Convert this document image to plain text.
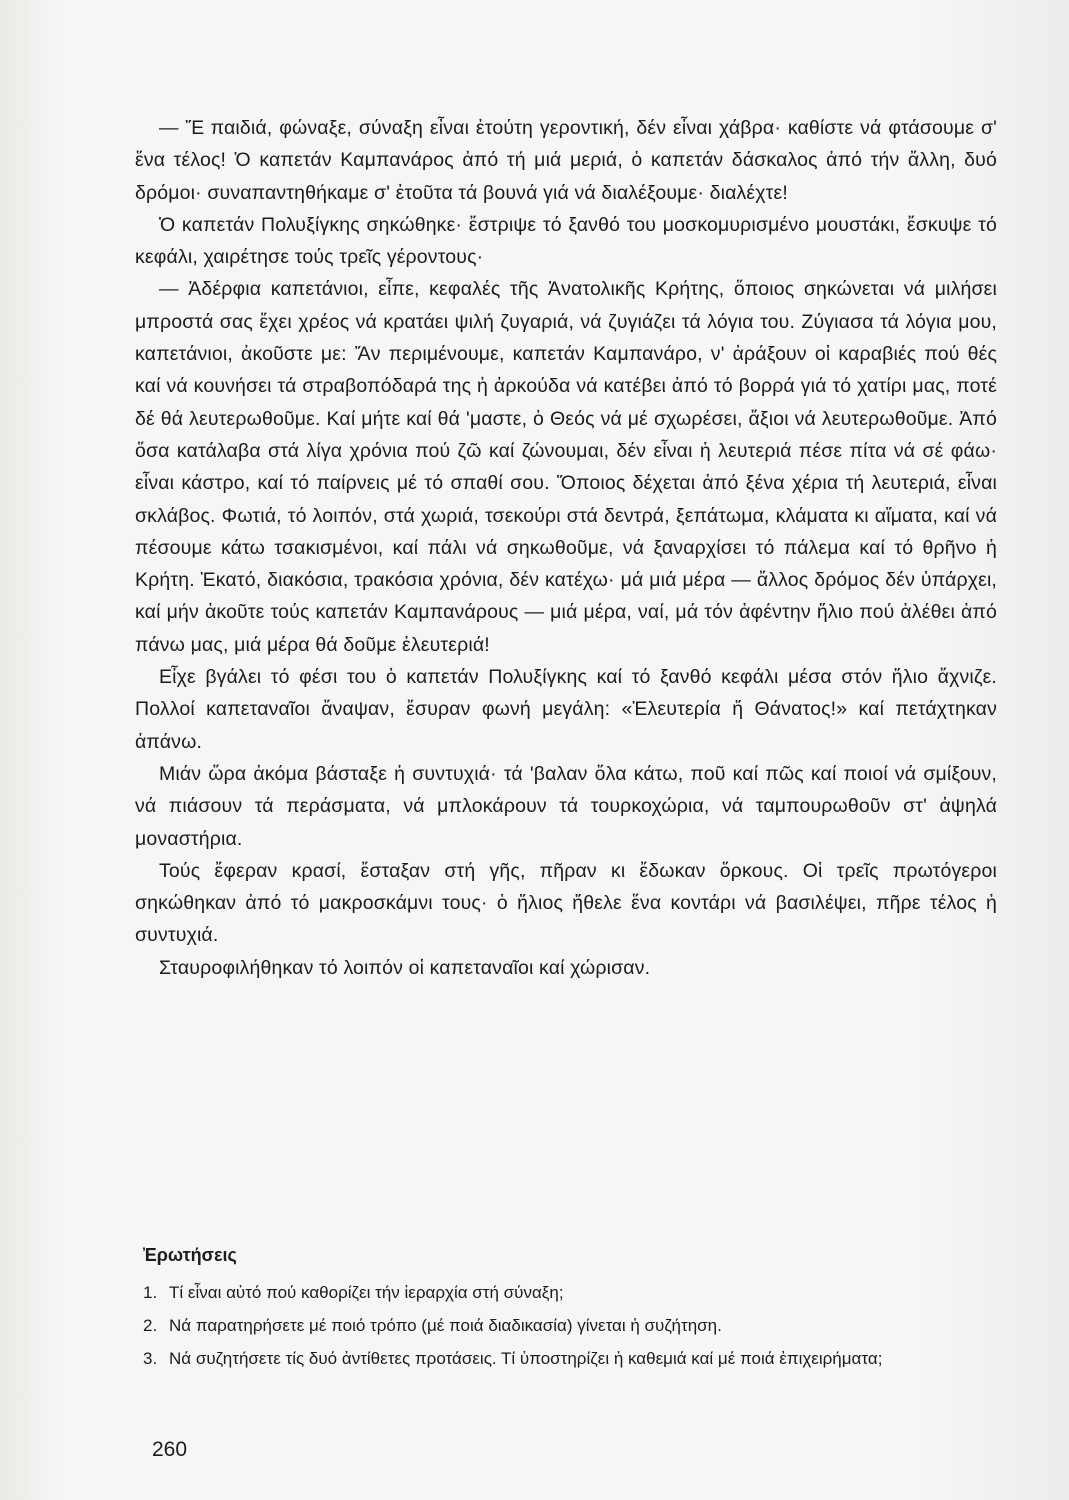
— Ἔ παιδιά, φώναξε, σύναξη εἶναι ἐτούτη γεροντική, δέν εἶναι χάβρα· καθίστε νά φτάσουμε σ' ἕνα τέλος! Ὁ καπετάν Καμπανάρος ἀπό τή μιά μεριά, ὁ καπετάν δάσκαλος ἀπό τήν ἄλλη, δυό δρόμοι· συναπαντηθήκαμε σ' ἐτοῦτα τά βουνά γιά νά διαλέξουμε· διαλέχτε!

Ὁ καπετάν Πολυξίγκης σηκώθηκε· ἔστριψε τό ξανθό του μοσκομυρισμένο μουστάκι, ἔσκυψε τό κεφάλι, χαιρέτησε τούς τρεῖς γέροντους·

— Ἀδέρφια καπετάνιοι, εἶπε, κεφαλές τῆς Ἀνατολικῆς Κρήτης, ὅποιος σηκώνεται νά μιλήσει μπροστά σας ἔχει χρέος νά κρατάει ψιλή ζυγαριά, νά ζυγιάζει τά λόγια του. Ζύγιασα τά λόγια μου, καπετάνιοι, ἀκοῦστε με: Ἄν περιμένουμε, καπετάν Καμπανάρο, ν' ἀράξουν οἱ καραβιές πού θές καί νά κουνήσει τά στραβοπόδαρά της ἡ ἀρκούδα νά κατέβει ἀπό τό βορρά γιά τό χατίρι μας, ποτέ δέ θά λευτερωθοῦμε. Καί μήτε καί θά 'μαστε, ὁ Θεός νά μέ σχωρέσει, ἄξιοι νά λευτερωθοῦμε. Ἀπό ὅσα κατάλαβα στά λίγα χρόνια πού ζῶ καί ζώνουμαι, δέν εἶναι ἡ λευτεριά πέσε πίτα νά σέ φάω· εἶναι κάστρο, καί τό παίρνεις μέ τό σπαθί σου. Ὅποιος δέχεται ἀπό ξένα χέρια τή λευτεριά, εἶναι σκλάβος. Φωτιά, τό λοιπόν, στά χωριά, τσεκούρι στά δεντρά, ξεπάτωμα, κλάματα κι αἵματα, καί νά πέσουμε κάτω τσακισμένοι, καί πάλι νά σηκωθοῦμε, νά ξαναρχίσει τό πάλεμα καί τό θρῆνο ἡ Κρήτη. Ἑκατό, διακόσια, τρακόσια χρόνια, δέν κατέχω· μά μιά μέρα — ἄλλος δρόμος δέν ὑπάρχει, καί μήν ἀκοῦτε τούς καπετάν Καμπανάρους — μιά μέρα, ναί, μά τόν ἀφέντην ἥλιο πού ἁλέθει ἀπό πάνω μας, μιά μέρα θά δοῦμε ἐλευτεριά!

Εἶχε βγάλει τό φέσι του ὁ καπετάν Πολυξίγκης καί τό ξανθό κεφάλι μέσα στόν ἥλιο ἄχνιζε. Πολλοί καπεταναῖοι ἄναψαν, ἔσυραν φωνή μεγάλη: «Ἐλευτερία ἤ Θάνατος!» καί πετάχτηκαν ἀπάνω.

Μιάν ὥρα ἀκόμα βάσταξε ἡ συντυχιά· τά 'βαλαν ὅλα κάτω, ποῦ καί πῶς καί ποιοί νά σμίξουν, νά πιάσουν τά περάσματα, νά μπλοκάρουν τά τουρκοχώρια, νά ταμπουρωθοῦν στ' ἀψηλά μοναστήρια.

Τούς ἔφεραν κρασί, ἔσταξαν στή γῆς, πῆραν κι ἔδωκαν ὅρκους. Οἱ τρεῖς πρωτόγεροι σηκώθηκαν ἀπό τό μακροσκάμνι τους· ὁ ἥλιος ἤθελε ἕνα κοντάρι νά βασιλέψει, πῆρε τέλος ἡ συντυχιά.

Σταυροφιλήθηκαν τό λοιπόν οἱ καπεταναῖοι καί χώρισαν.

Ἐρωτήσεις
1. Τί εἶναι αὐτό πού καθορίζει τήν ἱεραρχία στή σύναξη;
2. Νά παρατηρήσετε μέ ποιό τρόπο (μέ ποιά διαδικασία) γίνεται ἡ συζήτηση.
3. Νά συζητήσετε τίς δυό ἀντίθετες προτάσεις. Τί ὑποστηρίζει ἡ καθεμιά καί μέ ποιά ἐπιχειρήματα;
260
